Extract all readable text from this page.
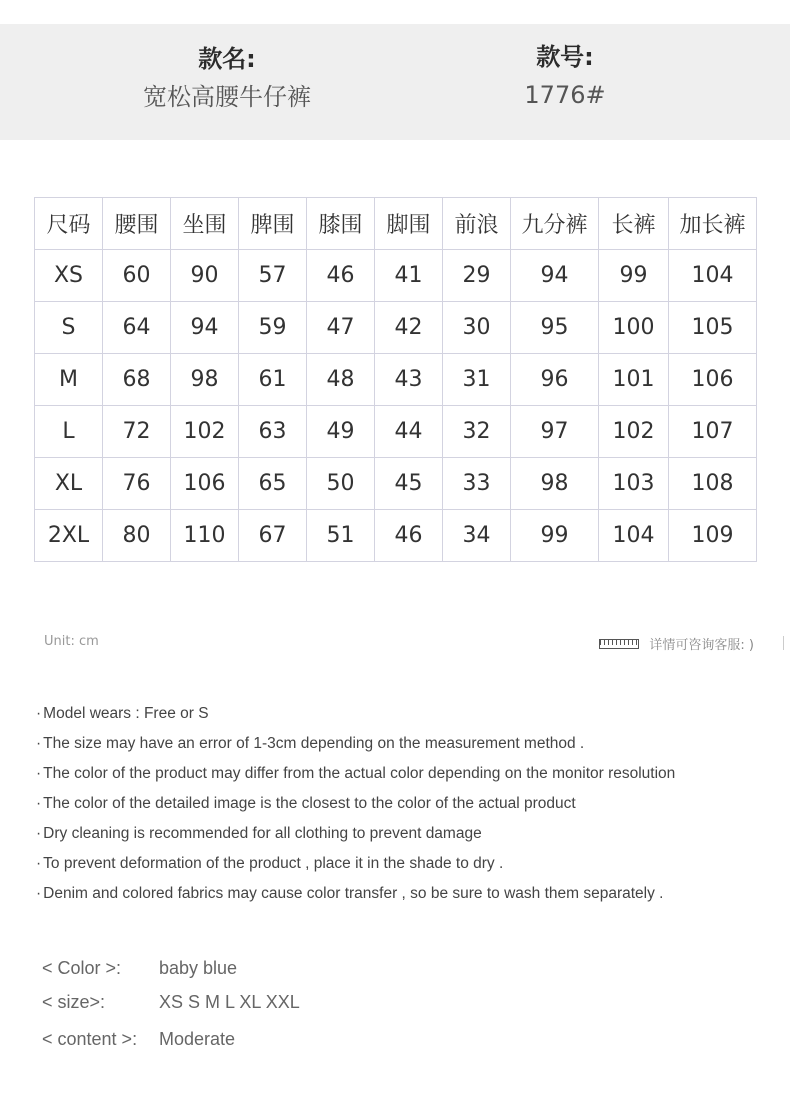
款名:
宽松高腰牛仔裤
款号:
1776#
尺码	腰围	坐围	脾围	膝围	脚围	前浪	九分裤	长裤	加长裤
XS	60	90	57	46	41	29	94	99	104
S	64	94	59	47	42	30	95	100	105
M	68	98	61	48	43	31	96	101	106
L	72	102	63	49	44	32	97	102	107
XL	76	106	65	50	45	33	98	103	108
2XL	80	110	67	51	46	34	99	104	109
Unit: cm	详情可咨询客服: )
· Model wears : Free or S
· The size may have an error of 1-3cm depending on the measurement method .
· The color of the product may differ from the actual color depending on the monitor resolution
· The color of the detailed image is the closest to the color of the actual product
· Dry cleaning is recommended for all clothing to prevent damage
· To prevent deformation of the product , place it in the shade to dry .
· Denim and colored fabrics may cause color transfer , so be sure to wash them separately .
< Color >: baby blue
< size>:	XS S M L XL XXL
< content >: Moderate
